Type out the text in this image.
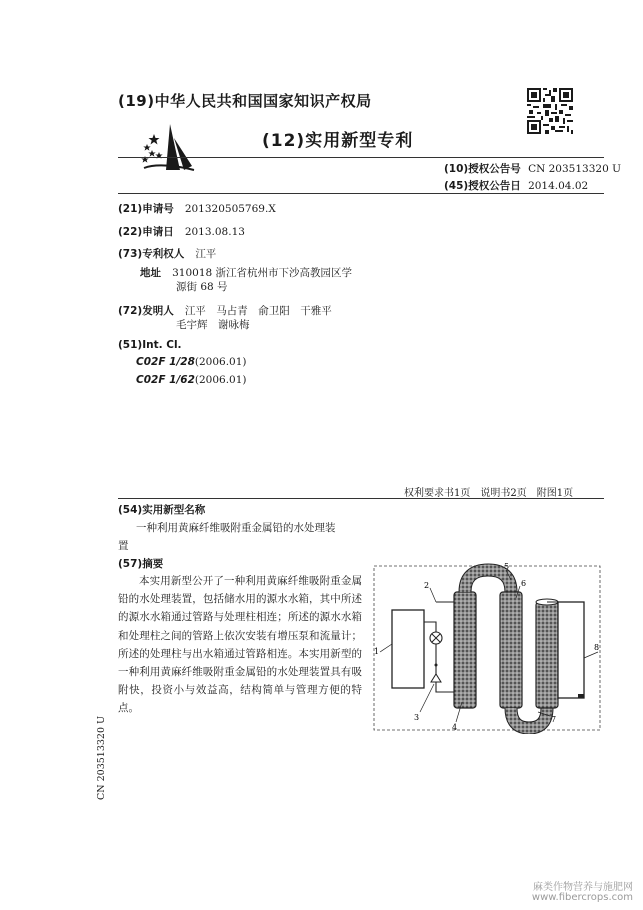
(19)中华人民共和国国家知识产权局
(12)实用新型专利
(10)授权公告号 CN 203513320 U
(45)授权公告日 2014.04.02
(21)申请号 201320505769.X
(22)申请日 2013.08.13
(73)专利权人 江平
地址 310018 浙江省杭州市下沙高教园区学
源街 68 号
(72)发明人 江平　马占青　俞卫阳　干雅平
毛宇辉　谢咏梅
(51)Int. Cl.
C02F 1/28(2006.01)
C02F 1/62(2006.01)
权利要求书1页　说明书2页　附图1页
(54)实用新型名称
一种利用黄麻纤维吸附重金属铅的水处理装
置
(57)摘要
本实用新型公开了一种利用黄麻纤维吸附重金属铅的水处理装置，包括储水用的源水水箱，其中所述的源水水箱通过管路与处理柱相连；所述的源水水箱和处理柱之间的管路上依次安装有增压泵和流量计；所述的处理柱与出水箱通过管路相连。本实用新型的一种利用黄麻纤维吸附重金属铅的水处理装置具有吸附快，投资小与效益高，结构简单与管理方便的特点。
1
2
3
4
5
6
7
8
CN 203513320 U
麻类作物营养与施肥网
www.fibercrops.com
